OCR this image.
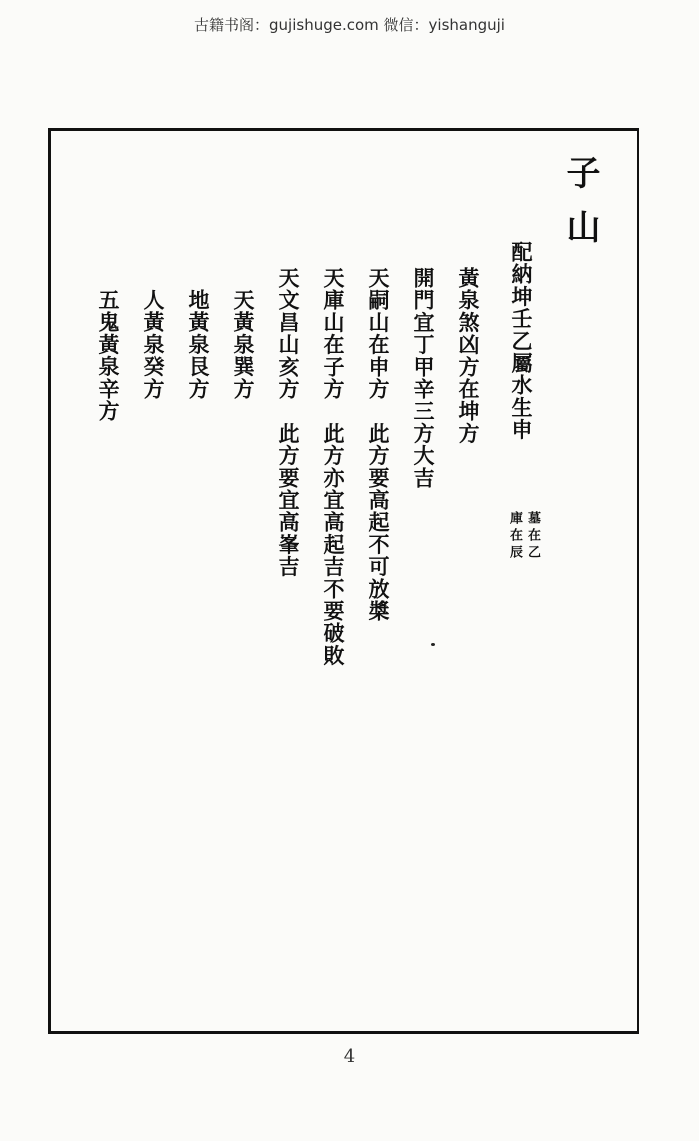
古籍书阁：gujishuge.com 微信：yishanguji
子山
配納坤壬乙屬水生申
墓在乙
庫在辰
黃泉煞凶方在坤方
開門宜丁甲辛三方大吉
天嗣山在申方　此方要高起不可放槳
天庫山在子方　此方亦宜高起吉不要破敗
天文昌山亥方　此方要宜高峯吉
天黃泉巽方
地黃泉艮方
人黃泉癸方
五鬼黃泉辛方
4
